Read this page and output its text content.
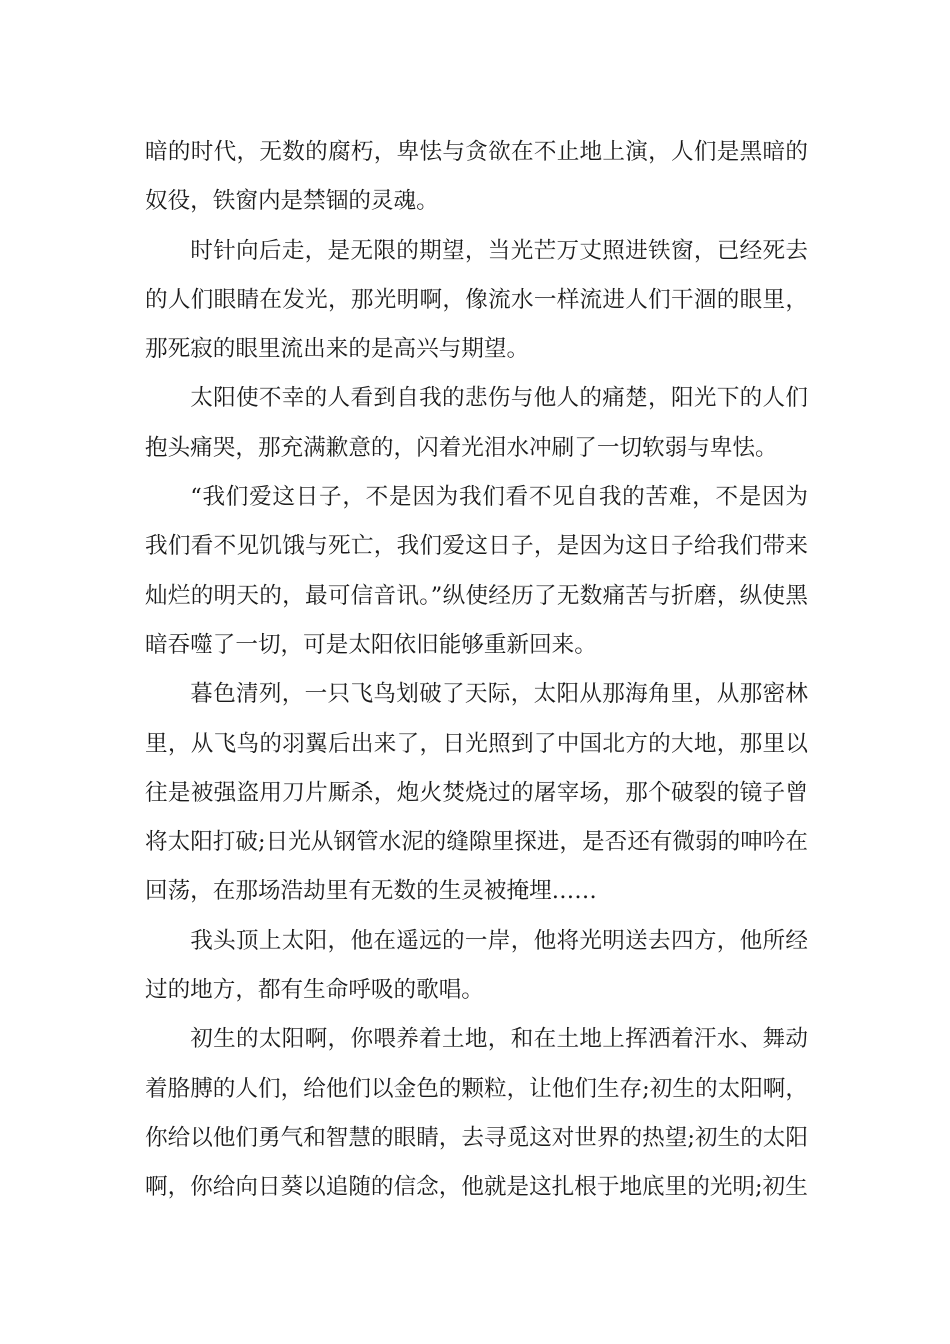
暗的时代，无数的腐朽，卑怯与贪欲在不止地上演，人们是黑暗的奴役，铁窗内是禁锢的灵魂。

时针向后走，是无限的期望，当光芒万丈照进铁窗，已经死去的人们眼睛在发光，那光明啊，像流水一样流进人们干涸的眼里，那死寂的眼里流出来的是高兴与期望。

太阳使不幸的人看到自我的悲伤与他人的痛楚，阳光下的人们抱头痛哭，那充满歉意的，闪着光泪水冲刷了一切软弱与卑怯。

“我们爱这日子，不是因为我们看不见自我的苦难，不是因为我们看不见饥饿与死亡，我们爱这日子，是因为这日子给我们带来灿烂的明天的，最可信音讯。”纵使经历了无数痛苦与折磨，纵使黑暗吞噬了一切，可是太阳依旧能够重新回来。

暮色清列，一只飞鸟划破了天际，太阳从那海角里，从那密林里，从飞鸟的羽翼后出来了，日光照到了中国北方的大地，那里以往是被强盗用刀片厮杀，炮火焚烧过的屠宰场，那个破裂的镜子曾将太阳打破;日光从钢管水泥的缝隙里探进，是否还有微弱的呻吟在回荡，在那场浩劫里有无数的生灵被掩埋……

我头顶上太阳，他在遥远的一岸，他将光明送去四方，他所经过的地方，都有生命呼吸的歌唱。

初生的太阳啊，你喂养着土地，和在土地上挥洒着汗水、舞动着胳膊的人们，给他们以金色的颗粒，让他们生存;初生的太阳啊，你给以他们勇气和智慧的眼睛，去寻觅这对世界的热望;初生的太阳啊，你给向日葵以追随的信念，他就是这扎根于地底里的光明;初生
